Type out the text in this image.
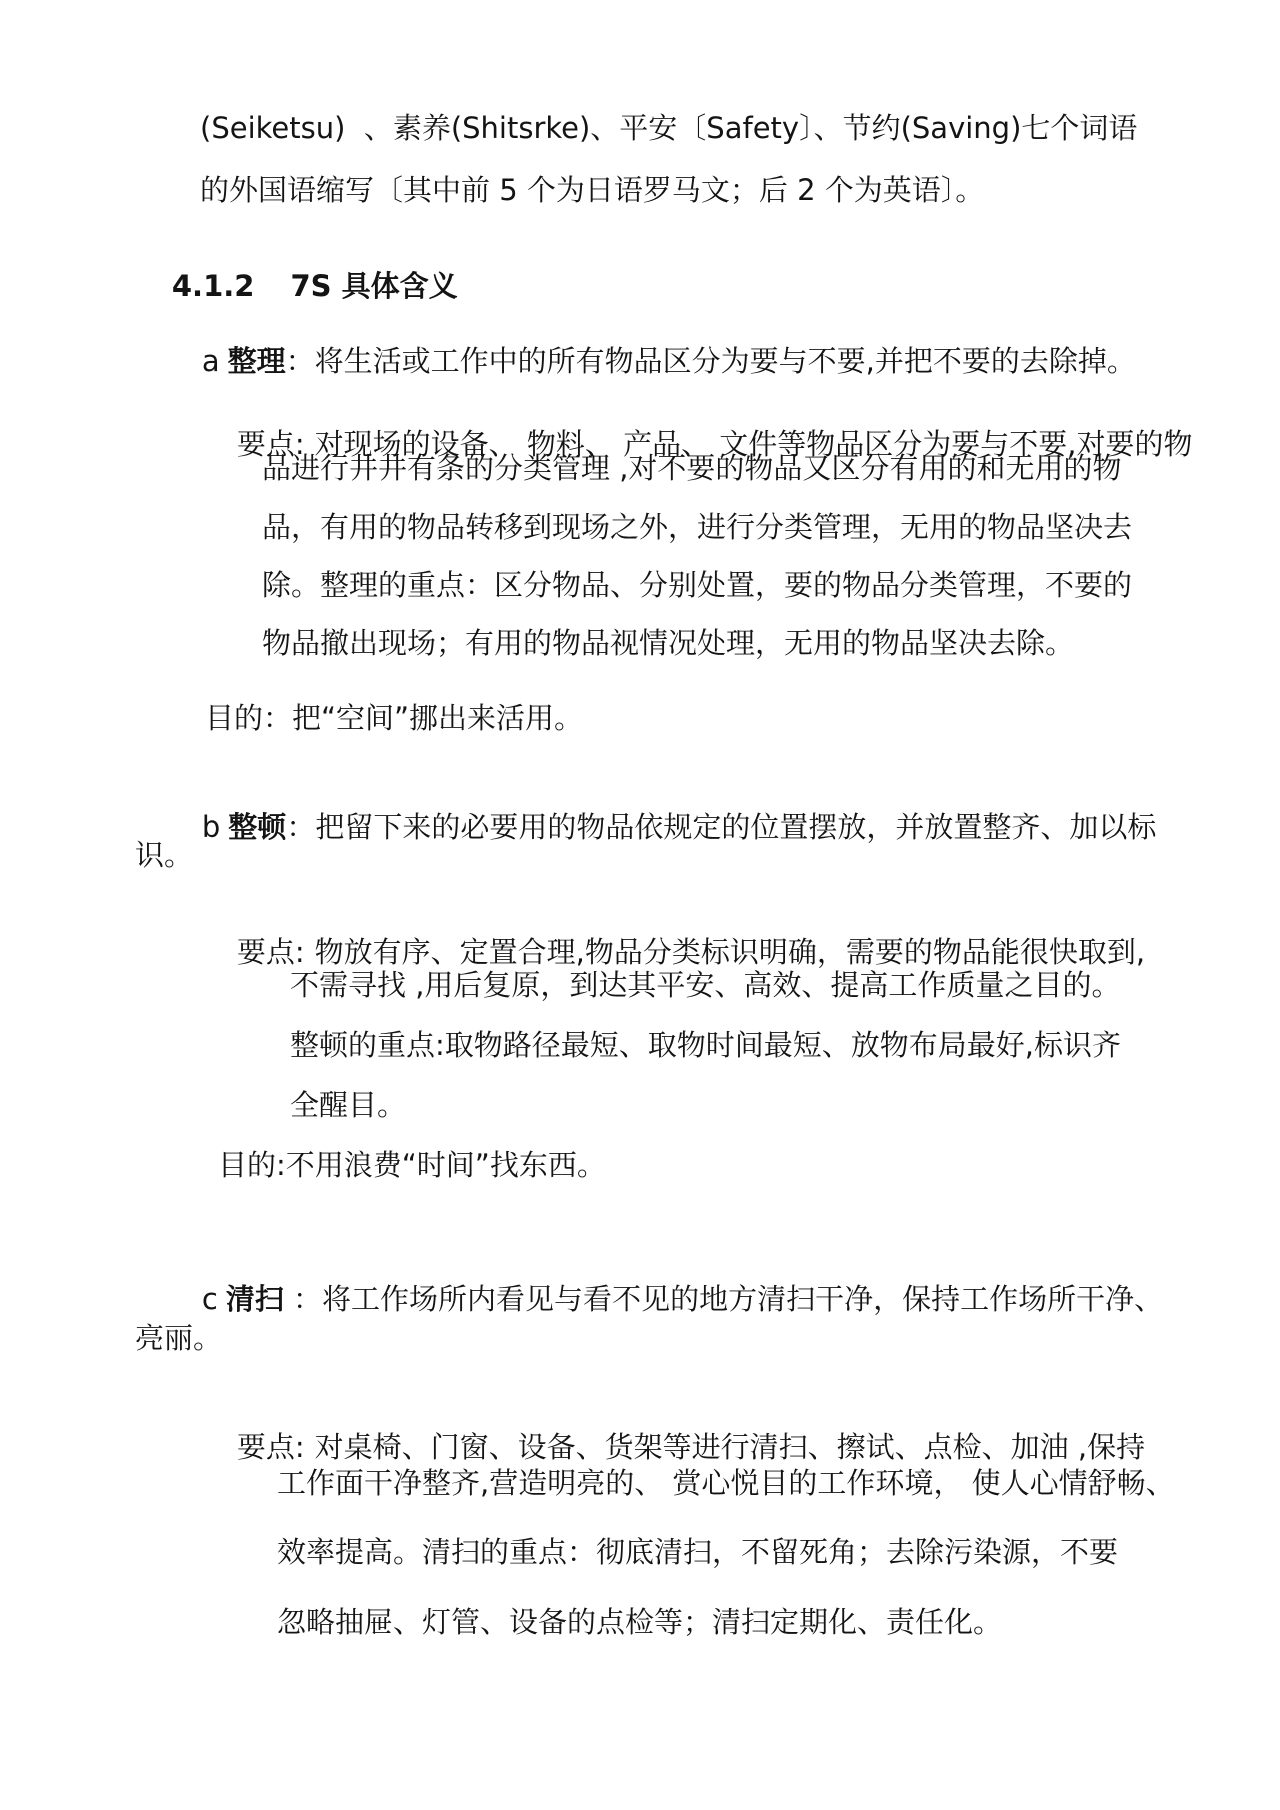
(Seiketsu)  、素养(Shitsrke)、平安〔Safety〕、节约(Saving)七个词语
的外国语缩写〔其中前 5 个为日语罗马文；后 2 个为英语〕。

4.1.2 7S 具体含义

a 整理：将生活或工作中的所有物品区分为要与不要,并把不要的去除掉。

要点: 对现场的设备、 物料、 产品、 文件等物品区分为要与不要,对要的物

品进行井井有条的分类管理 ,对不要的物品又区分有用的和无用的物
品，有用的物品转移到现场之外，进行分类管理，无用的物品坚决去
除。整理的重点：区分物品、分别处置，要的物品分类管理，不要的
物品撤出现场；有用的物品视情况处理，无用的物品坚决去除。
目的：把“空间”挪出来活用。

b 整顿：把留下来的必要用的物品依规定的位置摆放，并放置整齐、加以标

识。

要点: 物放有序、定置合理,物品分类标识明确，需要的物品能很快取到,

不需寻找 ,用后复原，到达其平安、高效、提高工作质量之目的。
整顿的重点:取物路径最短、取物时间最短、放物布局最好,标识齐
全醒目。
目的:不用浪费“时间”找东西。

c 清扫 ：将工作场所内看见与看不见的地方清扫干净，保持工作场所干净、

亮丽。

要点: 对桌椅、门窗、设备、货架等进行清扫、擦试、点检、加油 ,保持

工作面干净整齐,营造明亮的、 赏心悦目的工作环境， 使人心情舒畅、
效率提高。清扫的重点：彻底清扫，不留死角；去除污染源，不要
忽略抽屉、灯管、设备的点检等；清扫定期化、责任化。
